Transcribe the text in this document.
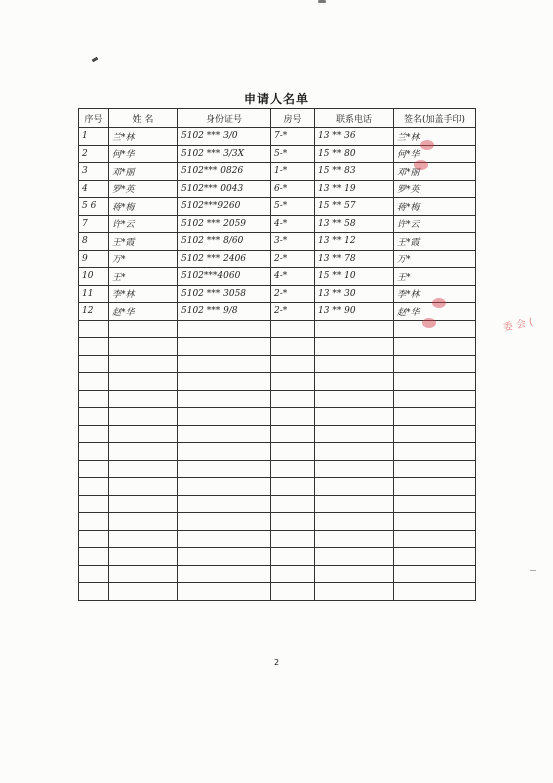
申请人名单
序号	姓 名	身份证号	房号	联系电话	签名(加盖手印)
1	兰*林	5102 *** 3/0	7-*	13 ** 36	兰*林
2	何*华	5102 *** 3/3X	5-*	15 ** 80	何*华
3	邓*丽	5102*** 0826	1-*	15 ** 83	邓*丽
4	罗*英	5102*** 0043	6-*	13 ** 19	罗*英
5 6	蒋*梅	5102***9260	5-*	15 ** 57	蒋*梅
7	许*云	5102 *** 2059	4-*	13 ** 58	许*云
8	王*霞	5102 *** 8/60	3-*	13 ** 12	王*霞
9	万*	5102 *** 2406	2-*	13 ** 78	万*
10	王*	5102***4060	4-*	15 ** 10	王*
11	李*林	5102 *** 3058	2-*	13 ** 30	李*林
12	赵*华	5102 *** 9/8	2-*	13 ** 90	赵*华

2
委 会 (
